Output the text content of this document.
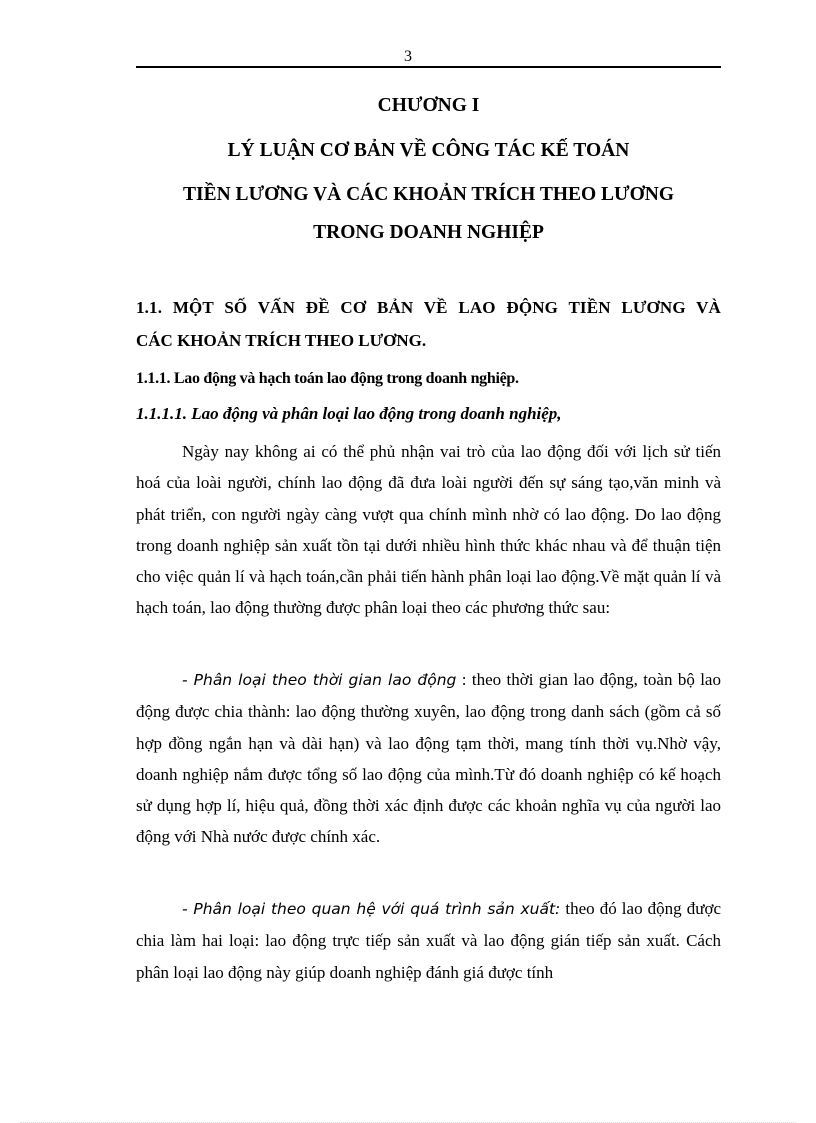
3
CHƯƠNG I
LÝ LUẬN CƠ BẢN VỀ CÔNG TÁC KẾ TOÁN
TIỀN LƯƠNG VÀ CÁC KHOẢN TRÍCH THEO LƯƠNG
TRONG DOANH NGHIỆP
1.1. MỘT SỐ VẤN ĐỀ CƠ BẢN VỀ LAO ĐỘNG TIỀN LƯƠNG VÀ
CÁC KHOẢN TRÍCH THEO LƯƠNG.
1.1.1. Lao động và hạch toán lao động trong doanh nghiệp.
1.1.1.1. Lao động và phân loại lao động trong doanh nghiệp,

Ngày nay không ai có thể phủ nhận vai trò của lao động đối với lịch sử tiến hoá của loài người, chính lao động đã đưa loài người đến sự sáng tạo,văn minh và phát triển, con người ngày càng vượt qua chính mình nhờ có lao động. Do lao động trong doanh nghiệp sản xuất tồn tại dưới nhiều hình thức khác nhau và để thuận tiện cho việc quản lí và hạch toán,cần phải tiến hành phân loại lao động.Về mặt quản lí và hạch toán, lao động thường được phân loại theo các phương thức sau:

- Phân loại theo thời gian lao động : theo thời gian lao động, toàn bộ lao động được chia thành: lao động thường xuyên, lao động trong danh sách (gồm cả số hợp đồng ngắn hạn và dài hạn) và lao động tạm thời, mang tính thời vụ.Nhờ vậy, doanh nghiệp nắm được tổng số lao động của mình.Từ đó doanh nghiệp có kế hoạch sử dụng hợp lí, hiệu quả, đồng thời xác định được các khoản nghĩa vụ của người lao động với Nhà nước được chính xác.

- Phân loại theo quan hệ với quá trình sản xuất: theo đó lao động được chia làm hai loại: lao động trực tiếp sản xuất và lao động gián tiếp sản xuất. Cách phân loại lao động này giúp doanh nghiệp đánh giá được tính
